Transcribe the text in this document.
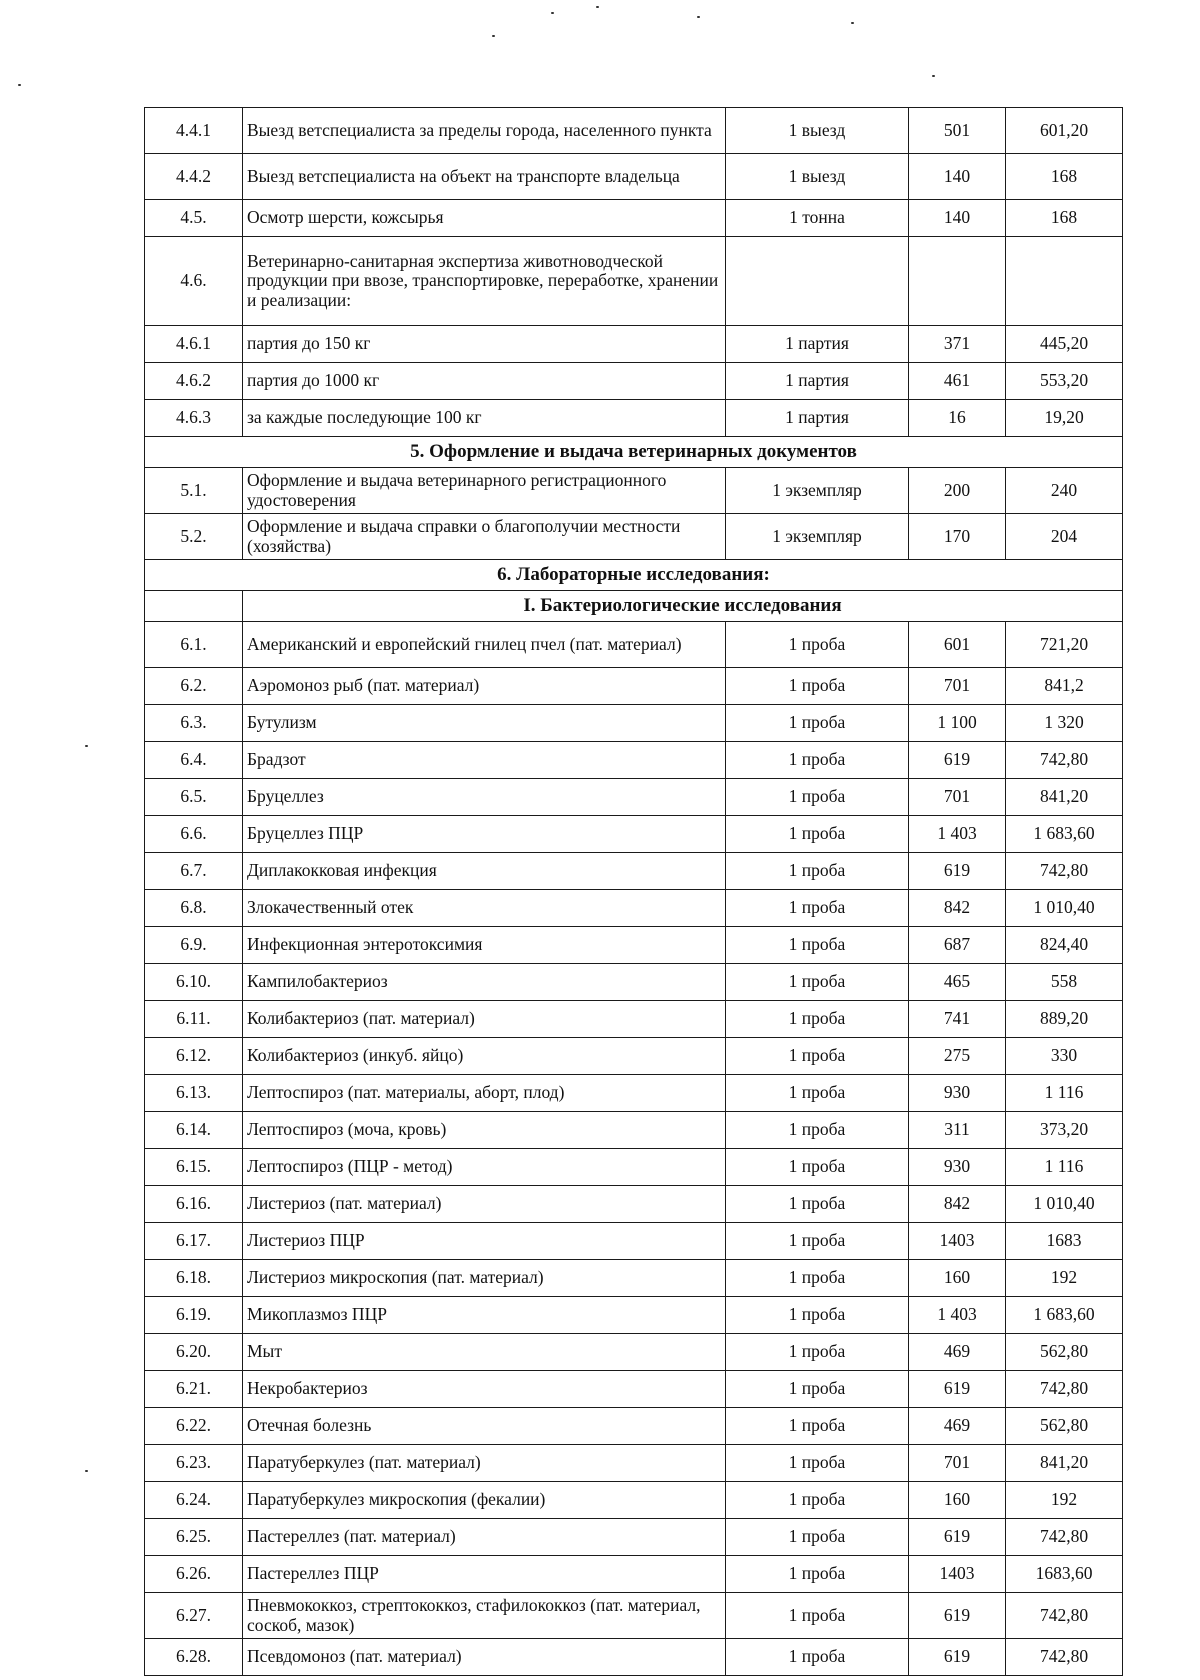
4.4.1	Выезд ветспециалиста за пределы города, населенного пункта	1 выезд	501	601,20
4.4.2	Выезд ветспециалиста на объект на транспорте владельца	1 выезд	140	168
4.5.	Осмотр шерсти, кожсырья	1 тонна	140	168
4.6.	Ветеринарно-санитарная экспертиза животноводческой продукции при ввозе, транспортировке, переработке, хранении и реализации:			
4.6.1	партия до 150 кг	1 партия	371	445,20
4.6.2	партия до 1000 кг	1 партия	461	553,20
4.6.3	за каждые последующие 100 кг	1 партия	16	19,20
5. Оформление и выдача ветеринарных документов				
5.1.	Оформление и выдача ветеринарного регистрационного удостоверения	1 экземпляр	200	240
5.2.	Оформление и выдача справки о благополучии местности (хозяйства)	1 экземпляр	170	204
6. Лабораторные исследования:				
	I. Бактериологические исследования			
6.1.	Американский и европейский гнилец пчел (пат. материал)	1 проба	601	721,20
6.2.	Аэромоноз рыб (пат. материал)	1 проба	701	841,2
6.3.	Бутулизм	1 проба	1 100	1 320
6.4.	Брадзот	1 проба	619	742,80
6.5.	Бруцеллез	1 проба	701	841,20
6.6.	Бруцеллез ПЦР	1 проба	1 403	1 683,60
6.7.	Диплакокковая инфекция	1 проба	619	742,80
6.8.	Злокачественный отек	1 проба	842	1 010,40
6.9.	Инфекционная энтеротоксимия	1 проба	687	824,40
6.10.	Кампилобактериоз	1 проба	465	558
6.11.	Колибактериоз (пат. материал)	1 проба	741	889,20
6.12.	Колибактериоз (инкуб. яйцо)	1 проба	275	330
6.13.	Лептоспироз (пат. материалы, аборт, плод)	1 проба	930	1 116
6.14.	Лептоспироз (моча, кровь)	1 проба	311	373,20
6.15.	Лептоспироз (ПЦР - метод)	1 проба	930	1 116
6.16.	Листериоз (пат. материал)	1 проба	842	1 010,40
6.17.	Листериоз ПЦР	1 проба	1403	1683
6.18.	Листериоз микроскопия (пат. материал)	1 проба	160	192
6.19.	Микоплазмоз ПЦР	1 проба	1 403	1 683,60
6.20.	Мыт	1 проба	469	562,80
6.21.	Некробактериоз	1 проба	619	742,80
6.22.	Отечная болезнь	1 проба	469	562,80
6.23.	Паратуберкулез (пат. материал)	1 проба	701	841,20
6.24.	Паратуберкулез микроскопия (фекалии)	1 проба	160	192
6.25.	Пастереллез (пат. материал)	1 проба	619	742,80
6.26.	Пастереллез ПЦР	1 проба	1403	1683,60
6.27.	Пневмококкоз, стрептококкоз, стафилококкоз (пат. материал, соскоб, мазок)	1 проба	619	742,80
6.28.	Псевдомоноз (пат. материал)	1 проба	619	742,80
